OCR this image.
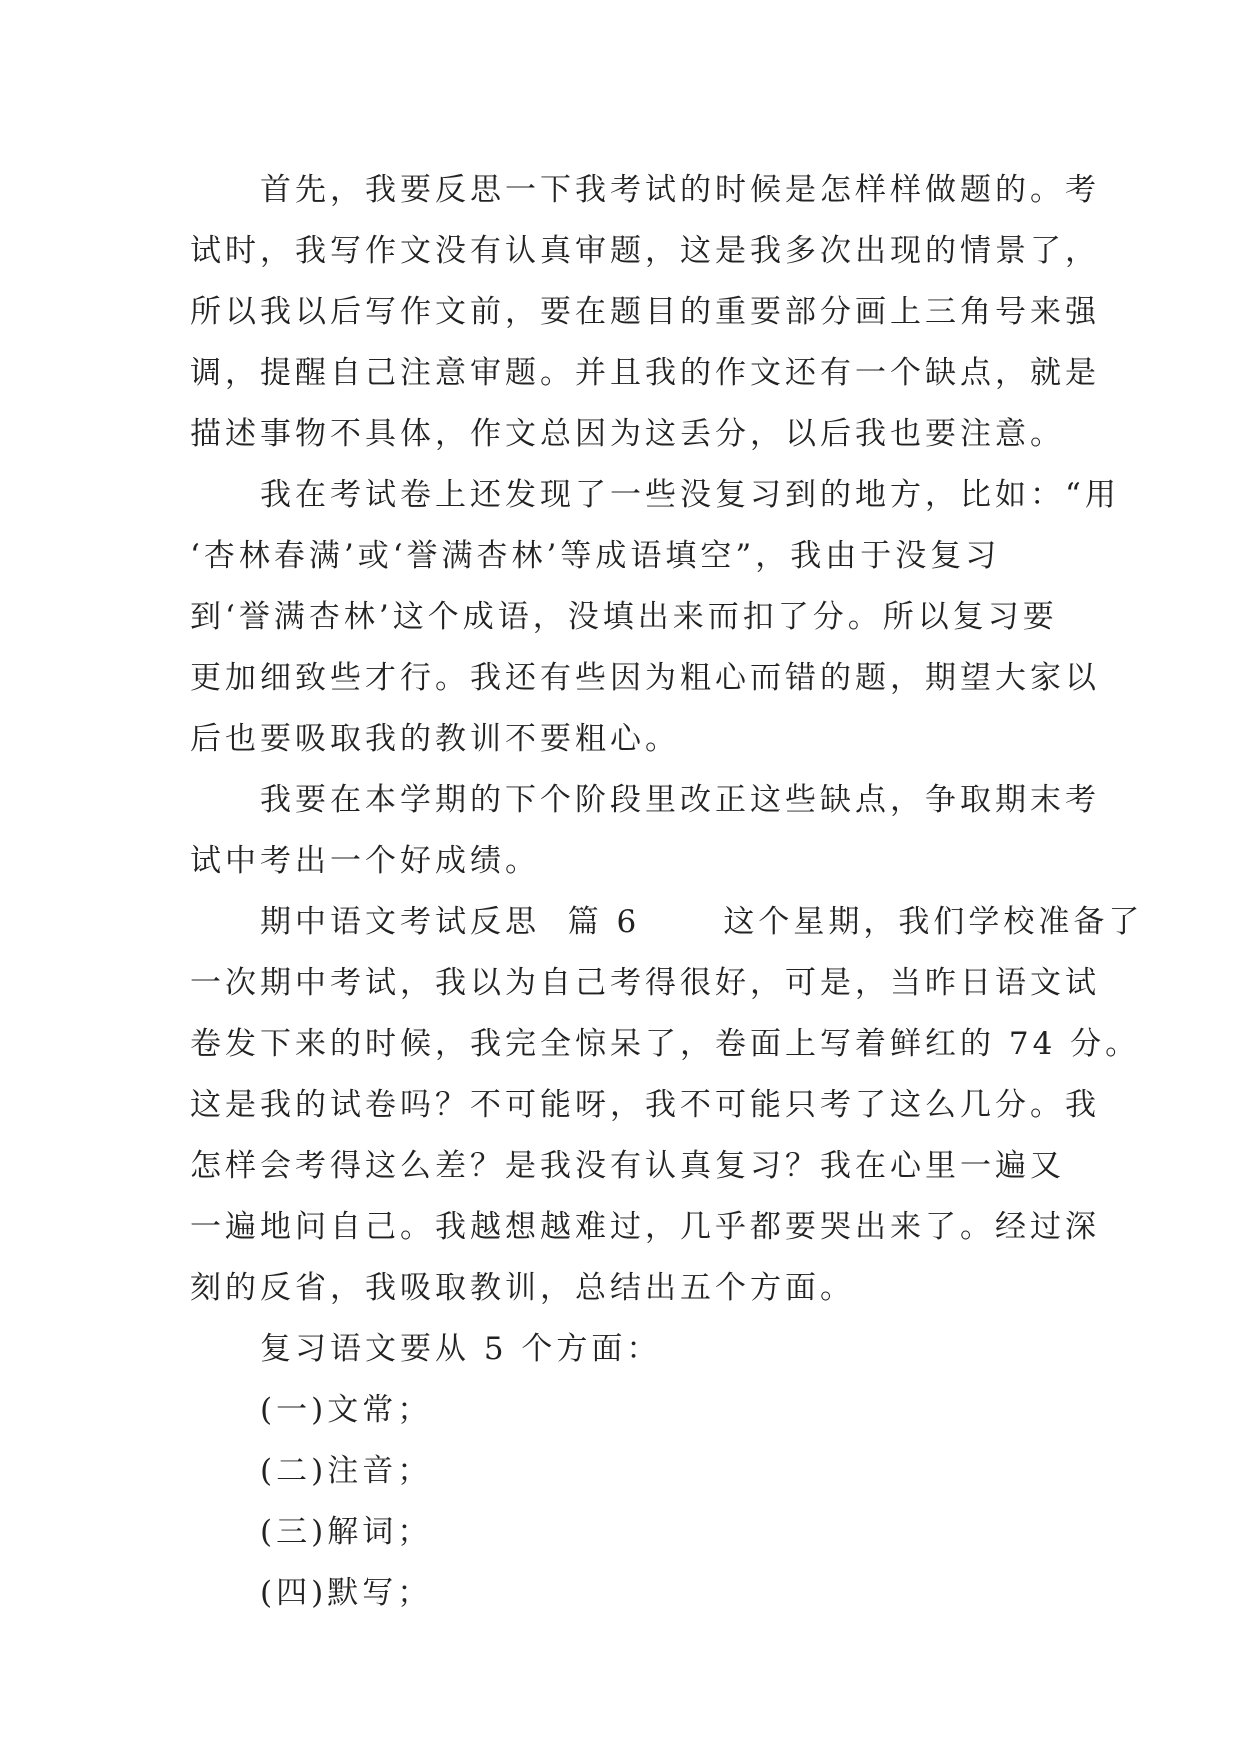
首先，我要反思一下我考试的时候是怎样样做题的。考
试时，我写作文没有认真审题，这是我多次出现的情景了，
所以我以后写作文前，要在题目的重要部分画上三角号来强
调，提醒自己注意审题。并且我的作文还有一个缺点，就是
描述事物不具体，作文总因为这丢分，以后我也要注意。
我在考试卷上还发现了一些没复习到的地方，比如：“用
‘杏林春满’或‘誉满杏林’等成语填空”，我由于没复习
到‘誉满杏林’这个成语，没填出来而扣了分。所以复习要
更加细致些才行。我还有些因为粗心而错的题，期望大家以
后也要吸取我的教训不要粗心。
我要在本学期的下个阶段里改正这些缺点，争取期末考
试中考出一个好成绩。
期中语文考试反思  篇 6      这个星期，我们学校准备了
一次期中考试，我以为自己考得很好，可是，当昨日语文试
卷发下来的时候，我完全惊呆了，卷面上写着鲜红的 74 分。
这是我的试卷吗？不可能呀，我不可能只考了这么几分。我
怎样会考得这么差？是我没有认真复习？我在心里一遍又
一遍地问自己。我越想越难过，几乎都要哭出来了。经过深
刻的反省，我吸取教训，总结出五个方面。
复习语文要从 5 个方面：
(一)文常；
(二)注音；
(三)解词；
(四)默写；
